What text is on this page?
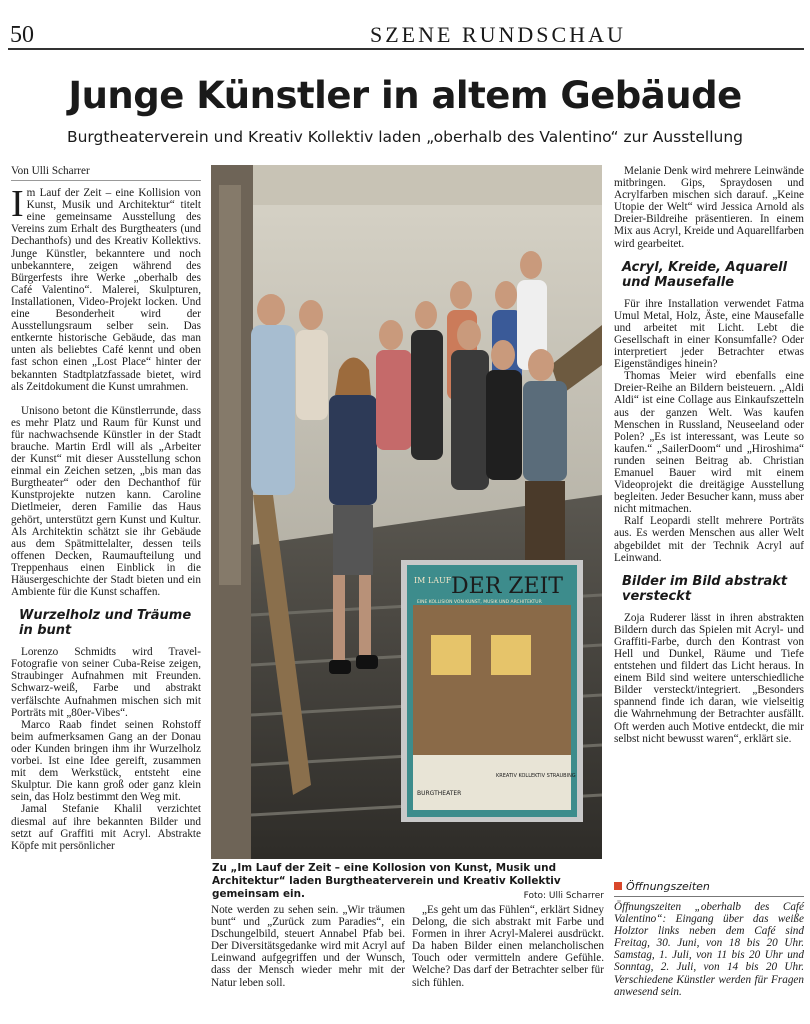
50	SZENE RUNDSCHAU
Junge Künstler in altem Gebäude
Burgtheaterverein und Kreativ Kollektiv laden „oberhalb des Valentino“ zur Ausstellung
Von Ulli Scharrer

Im Lauf der Zeit – eine Kollision von Kunst, Musik und Architektur“ titelt eine gemeinsame Ausstellung des Vereins zum Erhalt des Burgtheaters (und Dechanthofs) und des Kreativ Kollektivs. Junge Künstler, bekanntere und noch unbekanntere, zeigen während des Bürgerfests ihre Werke „oberhalb des Café Valentino“. Malerei, Skulpturen, Installationen, Video-Projekt locken. Und eine Besonderheit wird der Ausstellungsraum selber sein. Das entkernte historische Gebäude, das man unten als beliebtes Café kennt und oben fast schon einen „Lost Place“ hinter der bekannten Stadtplatzfassade bietet, wird als Zeitdokument die Kunst umrahmen.

Unisono betont die Künstlerrunde, dass es mehr Platz und Raum für Kunst und für nachwachsende Künstler in der Stadt brauche. Martin Erdl will als „Arbeiter der Kunst“ mit dieser Ausstellung schon einmal ein Zeichen setzen, „bis man das Burgtheater“ oder den Dechanthof für Kunstprojekte nutzen kann. Caroline Dietlmeier, deren Familie das Haus gehört, unterstützt gern Kunst und Kultur. Als Architektin schätzt sie ihr Gebäude aus dem Spätmittelalter, dessen teils offenen Decken, Raumaufteilung und Treppenhaus einen Einblick in die Häusergeschichte der Stadt bieten und ein Ambiente für die Kunst schaffen.

Wurzelholz und Träume in bunt

Lorenzo Schmidts wird Travel-Fotografie von seiner Cuba-Reise zeigen, Straubinger Aufnahmen mit Freunden. Schwarz-weiß, Farbe und abstrakt verfälschte Aufnahmen mischen sich mit Porträts mit „80er-Vibes“.

Marco Raab findet seinen Rohstoff beim aufmerksamen Gang an der Donau oder Kunden bringen ihm ihr Wurzelholz vorbei. Ist eine Idee gereift, zusammen mit dem Werkstück, entsteht eine Skulptur. Die kann groß oder ganz klein sein, das Holz bestimmt den Weg mit.

Jamal Stefanie Khalil verzichtet diesmal auf ihre bekannten Bilder und setzt auf Graffiti mit Acryl. Abstrakte Köpfe mit persönlicher

IM LAUF DER ZEIT
EINE KOLLISION VON KUNST, MUSIK UND ARCHITEKTUR
BURGTHEATER
KREATIV KOLLEKTIV STRAUBING
Zu „Im Lauf der Zeit – eine Kollosion von Kunst, Musik und Architektur“ laden Burgtheaterverein und Kreativ Kollektiv gemeinsam ein.	Foto: Ulli Scharrer

Note werden zu sehen sein. „Wir träumen bunt“ und „Zurück zum Paradies“, ein Dschungelbild, steuert Annabel Pfab bei. Der Diversitätsgedanke wird mit Acryl auf Leinwand aufgegriffen und der Wunsch, dass der Mensch wieder mehr mit der Natur leben soll.

„Es geht um das Fühlen“, erklärt Sidney Delong, die sich abstrakt mit Farbe und Formen in ihrer Acryl-Malerei ausdrückt. Da haben Bilder einen melancholischen Touch oder vermitteln andere Gefühle. Welche? Das darf der Betrachter selber für sich fühlen.

Melanie Denk wird mehrere Leinwände mitbringen. Gips, Spraydosen und Acrylfarben mischen sich darauf. „Keine Utopie der Welt“ wird Jessica Arnold als Dreier-Bildreihe präsentieren. In einem Mix aus Acryl, Kreide und Aquarellfarben wird gearbeitet.

Acryl, Kreide, Aquarell und Mausefalle

Für ihre Installation verwendet Fatma Umul Metal, Holz, Äste, eine Mausefalle und arbeitet mit Licht. Lebt die Gesellschaft in einer Konsumfalle? Oder interpretiert jeder Betrachter etwas Eigenständiges hinein?

Thomas Meier wird ebenfalls eine Dreier-Reihe an Bildern beisteuern. „Aldi Aldi“ ist eine Collage aus Einkaufszetteln aus der ganzen Welt. Was kaufen Menschen in Russland, Neuseeland oder Polen? „Es ist interessant, was Leute so kaufen.“ „SailerDoom“ und „Hiroshima“ runden seinen Beitrag ab. Christian Emanuel Bauer wird mit einem Videoprojekt die dreitägige Ausstellung begleiten. Jeder Besucher kann, muss aber nicht mitmachen.

Ralf Leopardi stellt mehrere Porträts aus. Es werden Menschen aus aller Welt abgebildet mit der Technik Acryl auf Leinwand.

Bilder im Bild abstrakt versteckt

Zoja Ruderer lässt in ihren abstrakten Bildern durch das Spielen mit Acryl- und Graffiti-Farbe, durch den Kontrast von Hell und Dunkel, Räume und Tiefe entstehen und fildert das Licht heraus. In einem Bild sind weitere unterschiedliche Bilder versteckt/integriert. „Besonders spannend finde ich daran, wie vielseitig die Wahrnehmung der Betrachter ausfällt. Oft werden auch Motive entdeckt, die mir selbst nicht bewusst waren“, erklärt sie.

Öffnungszeiten
Öffnungszeiten „oberhalb des Café Valentino“: Eingang über das weiße Holztor links neben dem Café sind Freitag, 30. Juni, von 18 bis 20 Uhr. Samstag, 1. Juli, von 11 bis 20 Uhr und Sonntag, 2. Juli, von 14 bis 20 Uhr. Verschiedene Künstler werden für Fragen anwesend sein.
